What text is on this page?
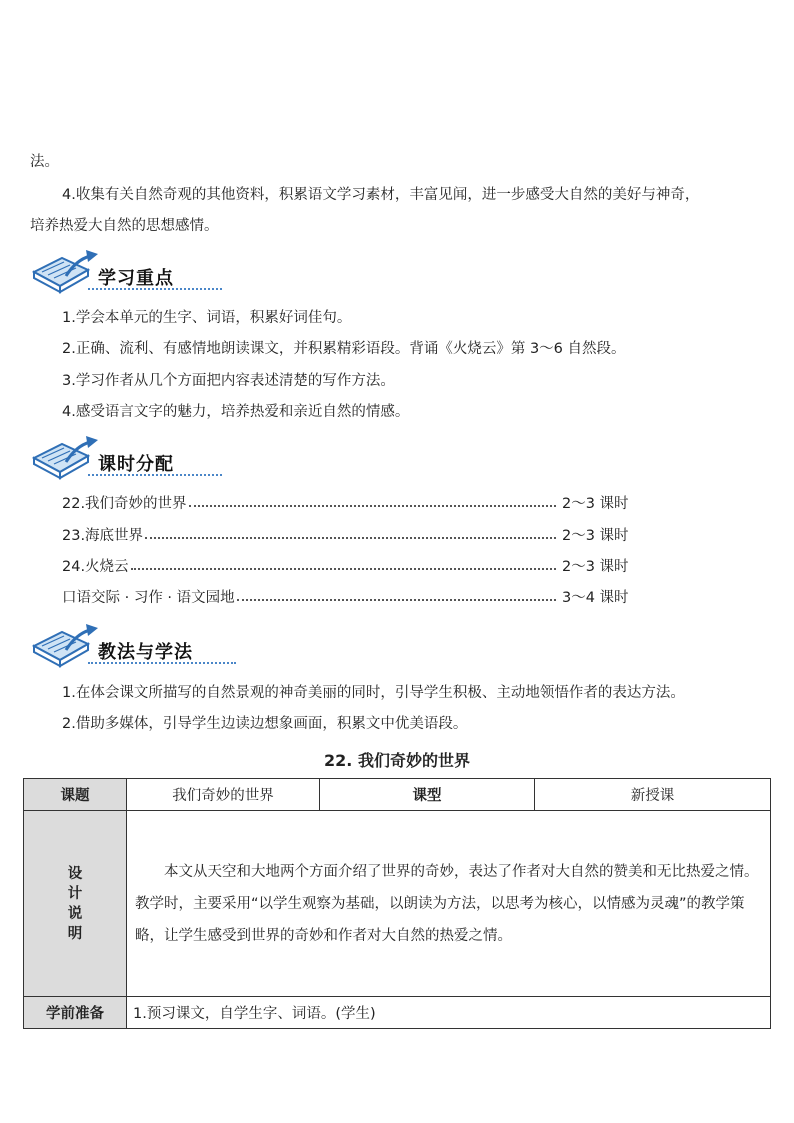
法。
4.收集有关自然奇观的其他资料，积累语文学习素材，丰富见闻，进一步感受大自然的美好与神奇，
培养热爱大自然的思想感情。
学习重点
1.学会本单元的生字、词语，积累好词佳句。
2.正确、流利、有感情地朗读课文，并积累精彩语段。背诵《火烧云》第 3～6 自然段。
3.学习作者从几个方面把内容表述清楚的写作方法。
4.感受语言文字的魅力，培养热爱和亲近自然的情感。
课时分配
22.我们奇妙的世界	2～3 课时
23.海底世界	2～3 课时
24.火烧云	2～3 课时
口语交际 · 习作 · 语文园地	3～4 课时
教法与学法
1.在体会课文所描写的自然景观的神奇美丽的同时，引导学生积极、主动地领悟作者的表达方法。
2.借助多媒体，引导学生边读边想象画面，积累文中优美语段。
22. 我们奇妙的世界
课题	我们奇妙的世界	课型	新授课
设计说明	本文从天空和大地两个方面介绍了世界的奇妙，表达了作者对大自然的赞美和无比热爱之情。教学时，主要采用“以学生观察为基础，以朗读为方法，以思考为核心，以情感为灵魂”的教学策略，让学生感受到世界的奇妙和作者对大自然的热爱之情。		
学前准备	1.预习课文，自学生字、词语。(学生)		
